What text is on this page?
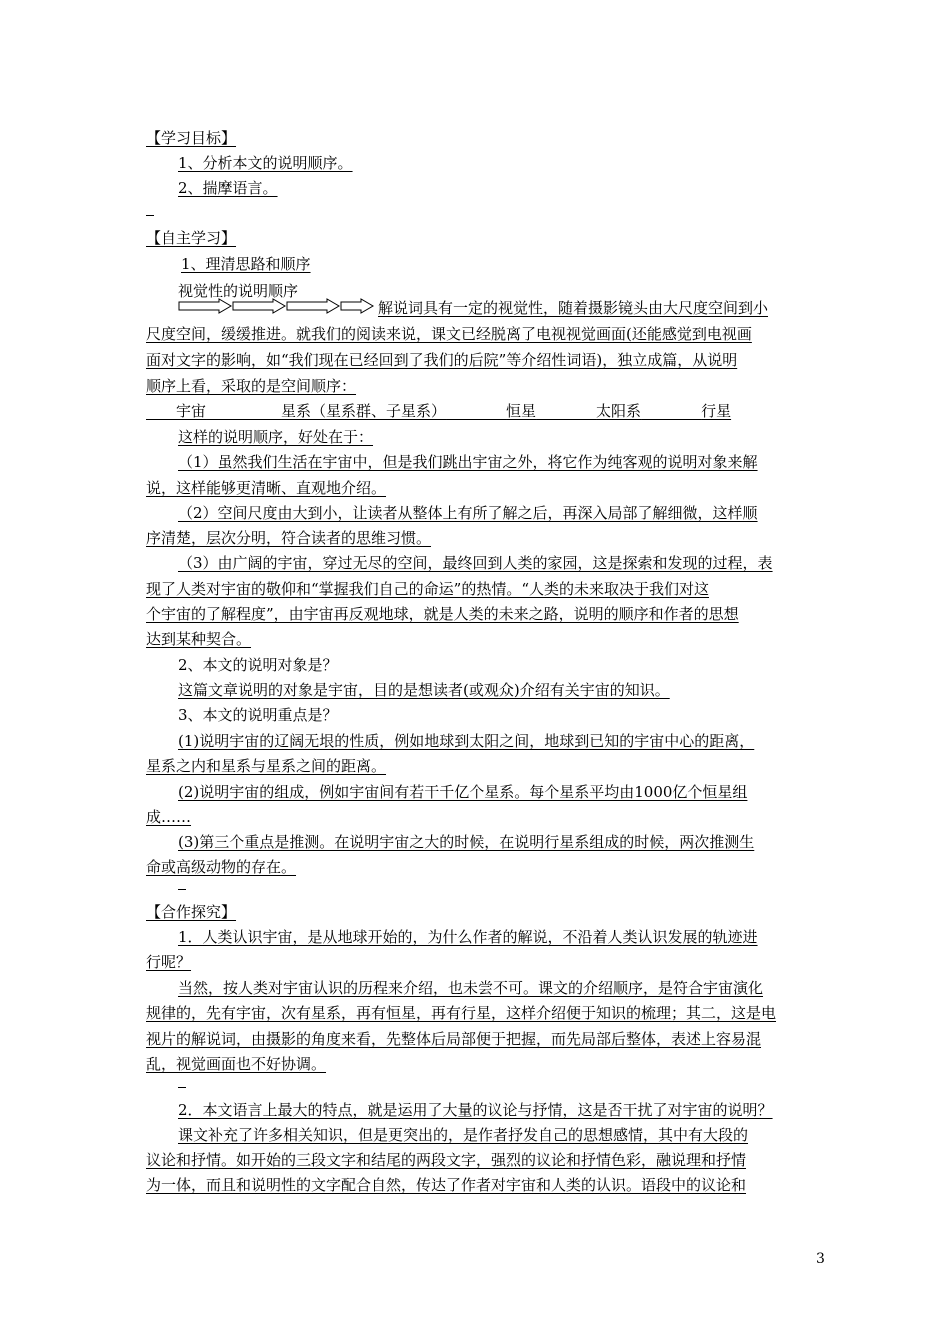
【学习目标】
1、分析本文的说明顺序。
2、揣摩语言。
【自主学习】
1、理清思路和顺序
视觉性的说明顺序
解说词具有一定的视觉性，随着摄影镜头由大尺度空间到小
尺度空间，缓缓推进。就我们的阅读来说，课文已经脱离了电视视觉画面(还能感觉到电视画
面对文字的影响，如“我们现在已经回到了我们的后院”等介绍性词语)，独立成篇，从说明
顺序上看，采取的是空间顺序：
  宇宙     	星系（星系群、子星系）    	恒星    	太阳系    	行星
这样的说明顺序，好处在于：
（1）虽然我们生活在宇宙中，但是我们跳出宇宙之外，将它作为纯客观的说明对象来解
说，这样能够更清晰、直观地介绍。
（2）空间尺度由大到小，让读者从整体上有所了解之后，再深入局部了解细微，这样顺
序清楚，层次分明，符合读者的思维习惯。
（3）由广阔的宇宙，穿过无尽的空间，最终回到人类的家园，这是探索和发现的过程，表
现了人类对宇宙的敬仰和“掌握我们自己的命运”的热情。“人类的未来取决于我们对这
个宇宙的了解程度”，由宇宙再反观地球，就是人类的未来之路，说明的顺序和作者的思想
达到某种契合。
2、本文的说明对象是？
这篇文章说明的对象是宇宙，目的是想读者(或观众)介绍有关宇宙的知识。
3、本文的说明重点是？
(1)说明宇宙的辽阔无垠的性质，例如地球到太阳之间，地球到已知的宇宙中心的距离，
星系之内和星系与星系之间的距离。
(2)说明宇宙的组成，例如宇宙间有若干千亿个星系。每个星系平均由1000亿个恒星组
成……
(3)第三个重点是推测。在说明宇宙之大的时候，在说明行星系组成的时候，两次推测生
命或高级动物的存在。
【合作探究】
1．人类认识宇宙，是从地球开始的，为什么作者的解说，不沿着人类认识发展的轨迹进
行呢？
当然，按人类对宇宙认识的历程来介绍，也未尝不可。课文的介绍顺序，是符合宇宙演化
规律的，先有宇宙，次有星系，再有恒星，再有行星，这样介绍便于知识的梳理；其二，这是电
视片的解说词，由摄影的角度来看，先整体后局部便于把握，而先局部后整体，表述上容易混
乱，视觉画面也不好协调。
2．本文语言上最大的特点，就是运用了大量的议论与抒情，这是否干扰了对宇宙的说明？
课文补充了许多相关知识，但是更突出的，是作者抒发自己的思想感情，其中有大段的
议论和抒情。如开始的三段文字和结尾的两段文字，强烈的议论和抒情色彩，融说理和抒情
为一体，而且和说明性的文字配合自然，传达了作者对宇宙和人类的认识。语段中的议论和
3
